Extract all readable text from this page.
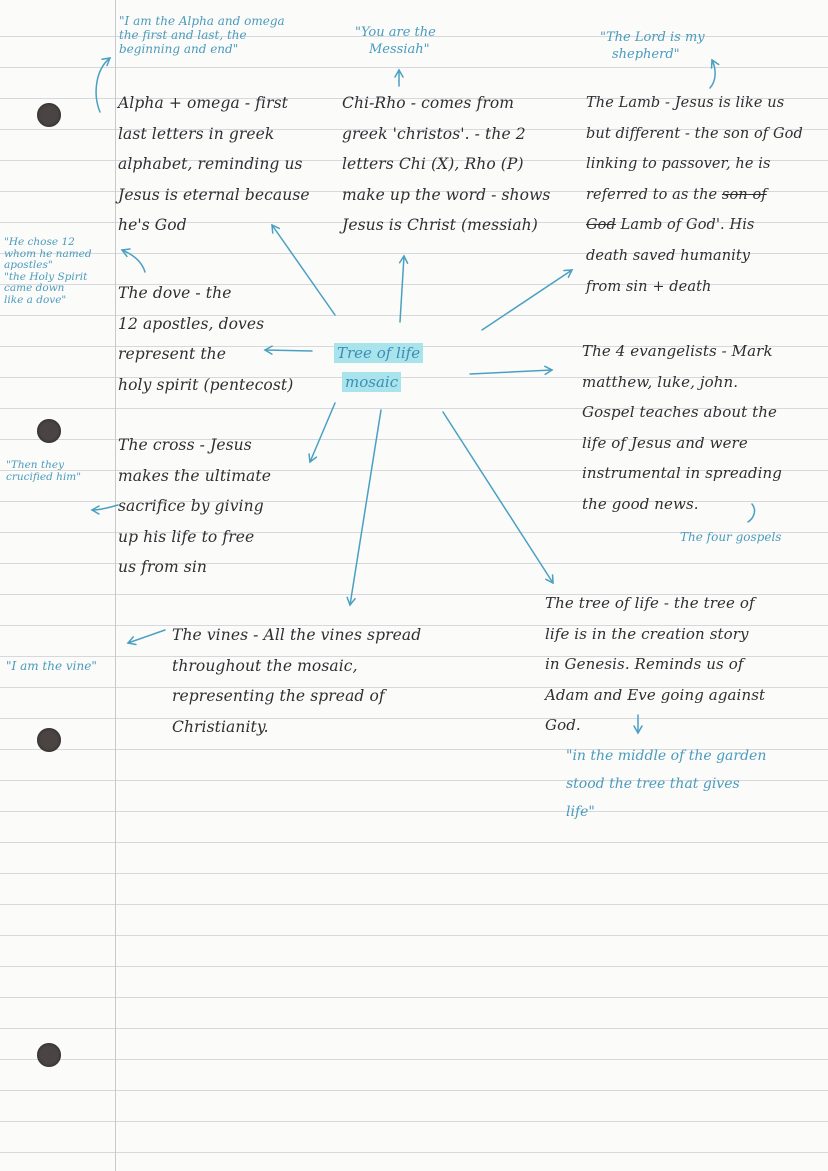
Tree of life

mosaic

"I am the Alpha and omega
the first and last, the
beginning and end"
"You are the
Messiah"
"The Lord is my
shepherd"
"He chose 12
whom he named
apostles"
"the Holy Spirit
came down
like a dove"
"Then they
crucified him"
"I am the vine"
The four gospels
"in the middle of the garden
stood the tree that gives
life"
Alpha + omega - first
last letters in greek
alphabet, reminding us
Jesus is eternal because
he's God
Chi-Rho - comes from
greek 'christos'. - the 2
letters Chi (X), Rho (P)
make up the word - shows
Jesus is Christ (messiah)
The Lamb - Jesus is like us
but different - the son of God
linking to passover, he is
referred to as the son of
God Lamb of God'. His
death saved humanity
from sin + death
The dove - the
12 apostles, doves
represent the
holy spirit (pentecost)
The 4 evangelists - Mark
matthew, luke, john.
Gospel teaches about the
life of Jesus and were
instrumental in spreading
the good news.
The cross - Jesus
makes the ultimate
sacrifice by giving
up his life to free
us from sin
The vines - All the vines spread
throughout the mosaic,
representing the spread of
Christianity.
The tree of life - the tree of
life is in the creation story
in Genesis. Reminds us of
Adam and Eve going against
God.
